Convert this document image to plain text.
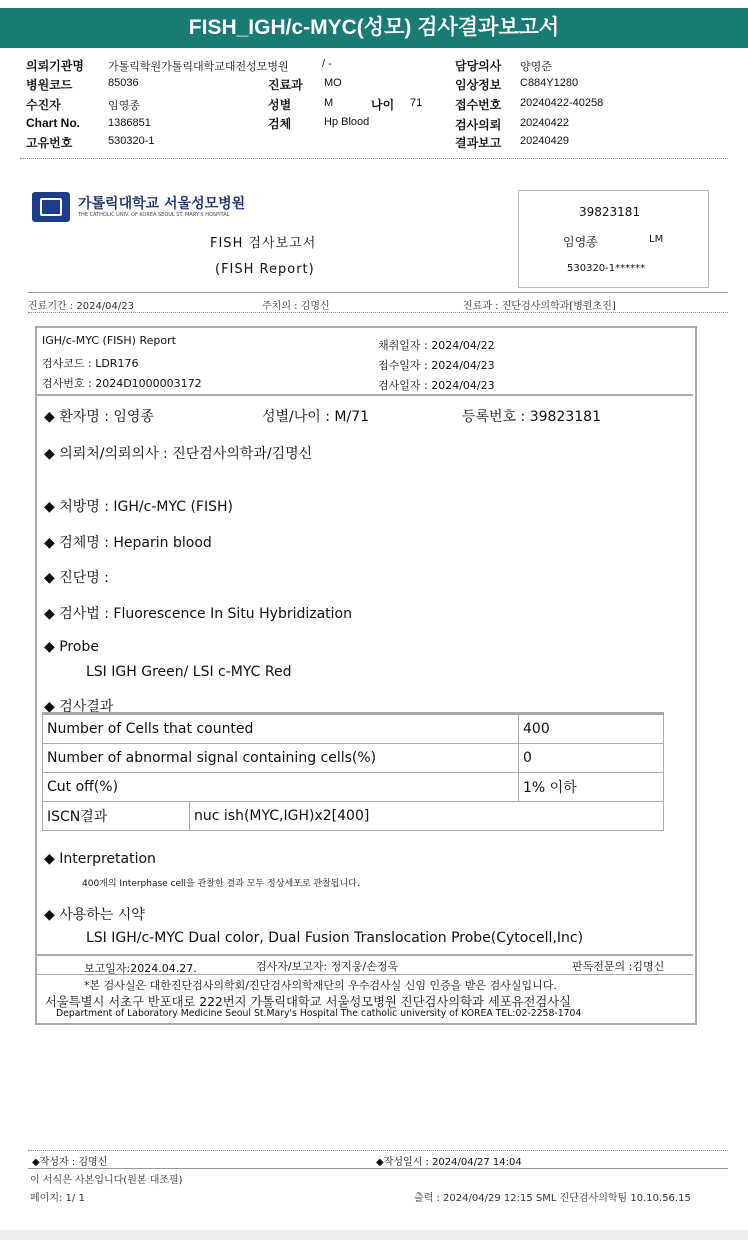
FISH_IGH/c-MYC(성모) 검사결과보고서
의뢰기관명 가톨릭학원가톨릭대학교대전성모병원
병원코드	85036
수진자	임영종
Chart No.	1386851
고유번호	530320-1
/ -
진료과 MO
성별	M
검체	Hp Blood
담당의사 양영준
임상정보 C884Y1280
접수번호 20240422-40258
검사의뢰 20240422
결과보고 20240429
나이 71
가톨릭대학교 서울성모병원
THE CATHOLIC UNIV. OF KOREA SEOUL ST. MARY'S HOSPITAL
FISH 검사보고서
(FISH Report)
39823181
임영종	LM
530320-1******
진료기간 : 2024/04/23	주치의 : 김명신	진료과 : 진단검사의학과[병원초진]
IGH/c-MYC (FISH) Report
검사코드 : LDR176
검사번호 : 2024D1000003172
채취일자 : 2024/04/22
접수일자 : 2024/04/23
검사일자 : 2024/04/23
◆ 환자명 : 임영종	성별/나이 : M/71	등록번호 : 39823181
◆ 의뢰처/의뢰의사 : 진단검사의학과/김명신
◆ 처방명 : IGH/c-MYC (FISH)
◆ 검체명 : Heparin blood
◆ 진단명 :
◆ 검사법 : Fluorescence In Situ Hybridization
◆ Probe
LSI IGH Green/ LSI c-MYC Red
◆ 검사결과
Number of Cells that counted		400
Number of abnormal signal containing cells(%)		0
Cut off(%)		1% 이하
ISCN결과	nuc ish(MYC,IGH)x2[400]	
◆ Interpretation
400개의 Interphase cell을 관찰한 결과 모두 정상세포로 관찰됩니다.
◆ 사용하는 시약
LSI IGH/c-MYC Dual color, Dual Fusion Translocation Probe(Cytocell,Inc)
보고일자:2024.04.27.	검사자/보고자: 정지웅/손정욱	판독전문의 :김명신
*본 검사실은 대한진단검사의학회/진단검사의학재단의 우수검사실 신임 인증을 받은 검사실입니다.
서울특별시 서초구 반포대로 222번지 가톨릭대학교 서울성모병원 진단검사의학과 세포유전검사실
Department of Laboratory Medicine Seoul St.Mary's Hospital The catholic university of KOREA TEL:02-2258-1704
◆작성자 : 김명신	◆작성일시 : 2024/04/27 14:04
이 서식은 사본입니다(원본 대조필)
페이지: 1/ 1	출력 : 2024/04/29 12:15 SML 진단검사의학팀 10.10.56.15
